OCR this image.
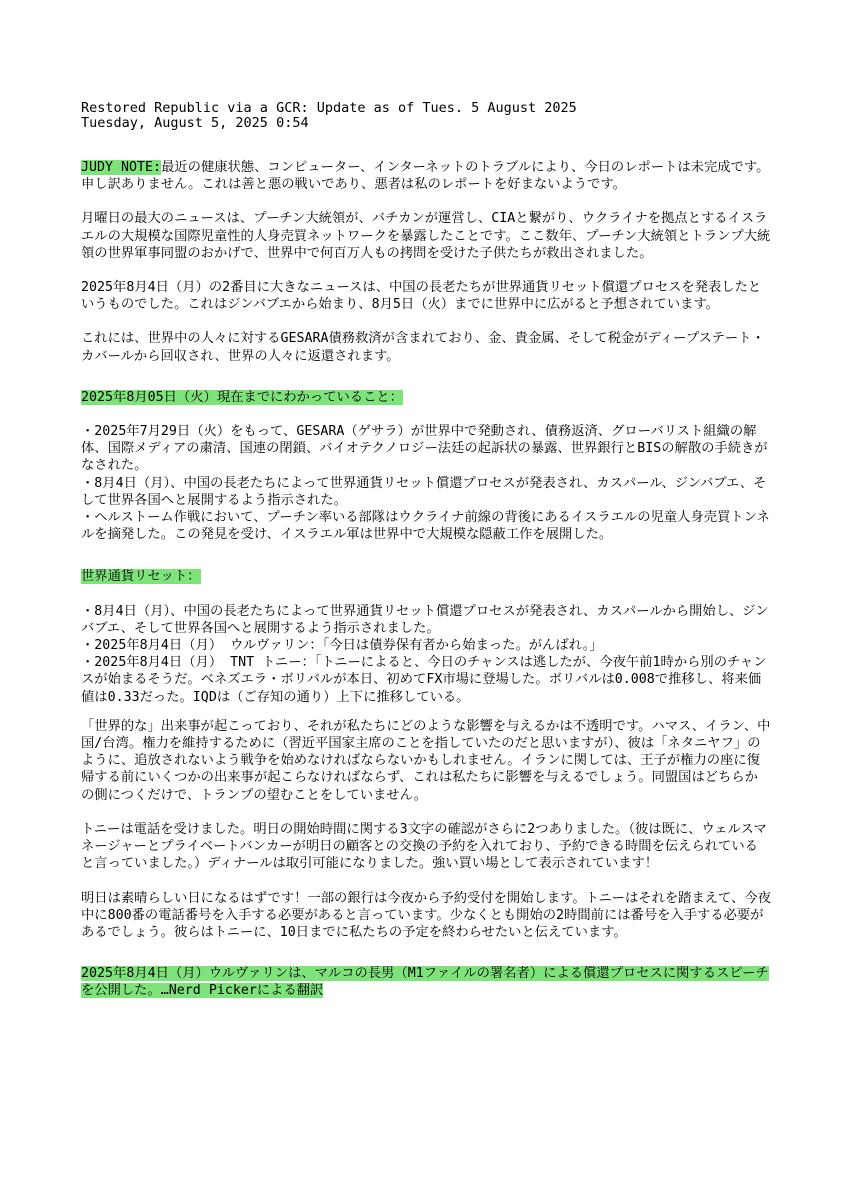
Restored Republic via a GCR: Update as of Tues. 5 August 2025
Tuesday, August 5, 2025 0:54

JUDY NOTE:最近の健康状態、コンピューター、インターネットのトラブルにより、今日のレポートは未完成です。申し訳ありません。これは善と悪の戦いであり、悪者は私のレポートを好まないようです。

月曜日の最大のニュースは、プーチン大統領が、バチカンが運営し、CIAと繋がり、ウクライナを拠点とするイスラエルの大規模な国際児童性的人身売買ネットワークを暴露したことです。ここ数年、プーチン大統領とトランプ大統領の世界軍事同盟のおかげで、世界中で何百万人もの拷問を受けた子供たちが救出されました。

2025年8月4日（月）の2番目に大きなニュースは、中国の長老たちが世界通貨リセット償還プロセスを発表したというものでした。これはジンバブエから始まり、8月5日（火）までに世界中に広がると予想されています。

これには、世界中の人々に対するGESARA債務救済が含まれており、金、貴金属、そして税金がディープステート・カバールから回収され、世界の人々に返還されます。

2025年8月05日（火）現在までにわかっていること：

・2025年7月29日（火）をもって、GESARA（ゲサラ）が世界中で発動され、債務返済、グローバリスト組織の解体、国際メディアの粛清、国連の閉鎖、バイオテクノロジー法廷の起訴状の暴露、世界銀行とBISの解散の手続きがなされた。
・8月4日（月）、中国の長老たちによって世界通貨リセット償還プロセスが発表され、カスパール、ジンバブエ、そして世界各国へと展開するよう指示された。
・ヘルストーム作戦において、プーチン率いる部隊はウクライナ前線の背後にあるイスラエルの児童人身売買トンネルを摘発した。この発見を受け、イスラエル軍は世界中で大規模な隠蔽工作を展開した。

世界通貨リセット：

・8月4日（月）、中国の長老たちによって世界通貨リセット償還プロセスが発表され、カスパールから開始し、ジンバブエ、そして世界各国へと展開するよう指示されました。
・2025年8月4日（月） ウルヴァリン：「今日は債券保有者から始まった。がんばれ。」
・2025年8月4日（月） TNT トニー：「トニーによると、今日のチャンスは逃したが、今夜午前1時から別のチャンスが始まるそうだ。ベネズエラ・ボリバルが本日、初めてFX市場に登場した。ボリバルは0.008で推移し、将来価値は0.33だった。IQDは（ご存知の通り）上下に推移している。

「世界的な」出来事が起こっており、それが私たちにどのような影響を与えるかは不透明です。ハマス、イラン、中国/台湾。権力を維持するために（習近平国家主席のことを指していたのだと思いますが）、彼は「ネタニヤフ」のように、追放されないよう戦争を始めなければならないかもしれません。イランに関しては、王子が権力の座に復帰する前にいくつかの出来事が起こらなければならず、これは私たちに影響を与えるでしょう。同盟国はどちらかの側につくだけで、トランプの望むことをしていません。

トニーは電話を受けました。明日の開始時間に関する3文字の確認がさらに2つありました。（彼は既に、ウェルスマネージャーとプライベートバンカーが明日の顧客との交換の予約を入れており、予約できる時間を伝えられていると言っていました。）ディナールは取引可能になりました。強い買い場として表示されています！

明日は素晴らしい日になるはずです！一部の銀行は今夜から予約受付を開始します。トニーはそれを踏まえて、今夜中に800番の電話番号を入手する必要があると言っています。少なくとも開始の2時間前には番号を入手する必要があるでしょう。彼らはトニーに、10日までに私たちの予定を終わらせたいと伝えています。

2025年8月4日（月）ウルヴァリンは、マルコの長男（M1ファイルの署名者）による償還プロセスに関するスピーチを公開した。…Nerd Pickerによる翻訳
